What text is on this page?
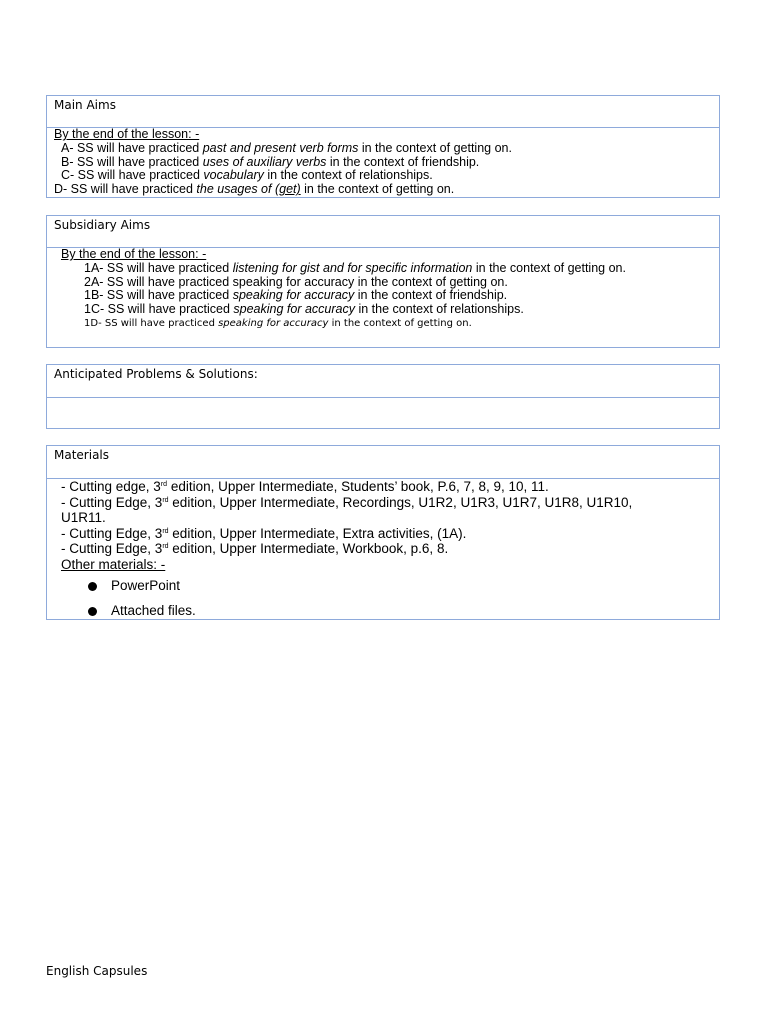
Main Aims
By the end of the lesson: -
A- SS will have practiced past and present verb forms in the context of getting on.
B- SS will have practiced uses of auxiliary verbs in the context of friendship.
C- SS will have practiced vocabulary in the context of relationships.
D- SS will have practiced the usages of (get) in the context of getting on.
Subsidiary Aims
By the end of the lesson: -
1A- SS will have practiced listening for gist and for specific information in the context of getting on.
2A- SS will have practiced speaking for accuracy in the context of getting on.
1B- SS will have practiced speaking for accuracy in the context of friendship.
1C- SS will have practiced speaking for accuracy in the context of relationships.
1D- SS will have practiced speaking for accuracy in the context of getting on.
Anticipated Problems & Solutions:
Materials
- Cutting edge, 3rd edition, Upper Intermediate, Students’ book, P.6, 7, 8, 9, 10, 11.
- Cutting Edge, 3rd edition, Upper Intermediate, Recordings, U1R2, U1R3, U1R7, U1R8, U1R10, U1R11.
- Cutting Edge, 3rd edition, Upper Intermediate, Extra activities, (1A).
- Cutting Edge, 3rd edition, Upper Intermediate, Workbook, p.6, 8.
Other materials: -
PowerPoint
Attached files.
English Capsules
